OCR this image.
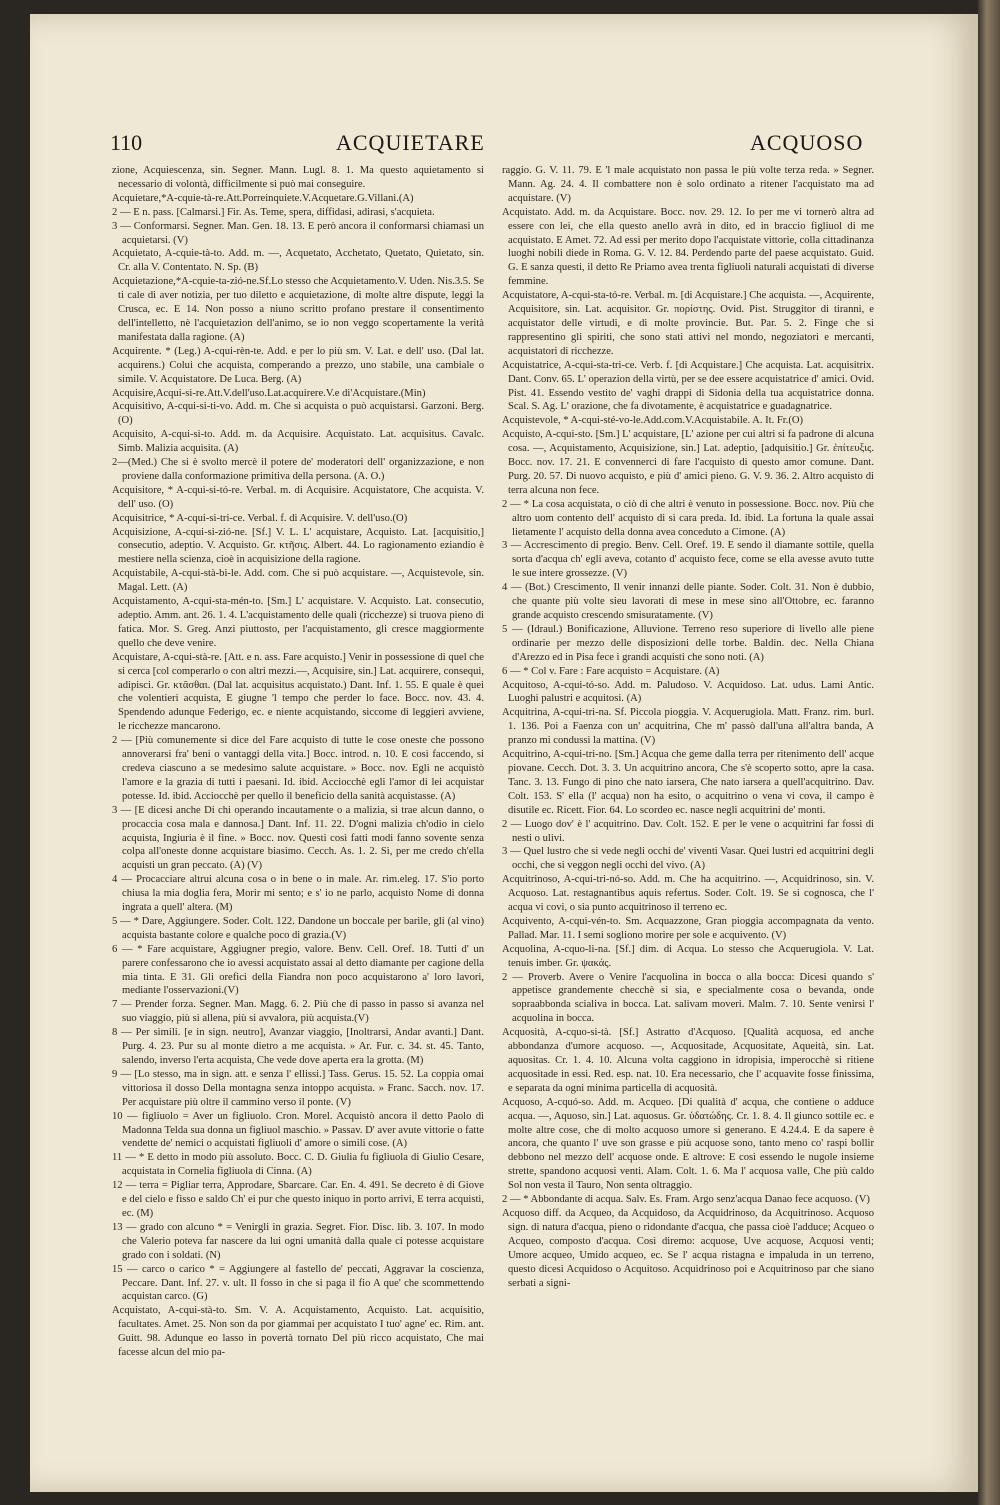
110	ACQUIETARE	ACQUOSO

zione, Acquiescenza, sin. Segner. Mann. Lugl. 8. 1. Ma questo aquietamento si necessario di volontà, difficilmente si può mai conseguire.

Acquietare,*A-cquie-tà-re.Att.Porreinquiete.V.Acquetare.G.Villani.(A)

2 — E n. pass. [Calmarsi.] Fir. As. Teme, spera, diffidasi, adirasi, s'acquieta.

3 — Conformarsi. Segner. Man. Gen. 18. 13. E però ancora il conformarsi chiamasi un acquietarsi. (V)

Acquietato, A-cquie-tà-to. Add. m. —, Acquetato, Acchetato, Quetato, Quietato, sin. Cr. alla V. Contentato. N. Sp. (B)

Acquietazione,*A-cquie-ta-zió-ne.Sf.Lo stesso che Acquietamento.V. Uden. Nis.3.5. Se ti cale di aver notizia, per tuo diletto e acquietazione, di molte altre dispute, leggi la Crusca, ec. E 14. Non posso a niuno scritto profano prestare il consentimento dell'intelletto, nè l'acquietazion dell'animo, se io non veggo scopertamente la verità manifestata dalla ragione. (A)

Acquirente. * (Leg.) A-cqui-rèn-te. Add. e per lo più sm. V. Lat. e dell' uso. (Dal lat. acquirens.) Colui che acquista, comperando a prezzo, uno stabile, una cambiale o simile. V. Acquistatore. De Luca. Berg. (A)

Acquisire,Acqui-si-re.Att.V.dell'uso.Lat.acquirere.V.e di'Acquistare.(Min)

Acquisitivo, A-cqui-si-ti-vo. Add. m. Che si acquista o può acquistarsi. Garzoni. Berg. (O)

Acquisito, A-cqui-si-to. Add. m. da Acquisire. Acquistato. Lat. acquisitus. Cavalc. Simb. Malizia acquisita. (A)

2—(Med.) Che si è svolto mercè il potere de' moderatori dell' organizzazione, e non proviene dalla conformazione primitiva della persona. (A. O.)

Acquisitore, * A-cqui-si-tó-re. Verbal. m. di Acquisire. Acquistatore, Che acquista. V. dell' uso. (O)

Acquisitrice, * A-cqui-si-tri-ce. Verbal. f. di Acquisire. V. dell'uso.(O)

Acquisizione, A-cqui-si-zió-ne. [Sf.] V. L. L' acquistare, Acquisto. Lat. [acquisitio,] consecutio, adeptio. V. Acquisto. Gr. κτῆσις. Albert. 44. Lo ragionamento eziandio è mestiere nella scienza, cioè in acquisizione della ragione.

Acquistabile, A-cqui-stà-bi-le. Add. com. Che si può acquistare. —, Acquistevole, sin. Magal. Lett. (A)

Acquistamento, A-cqui-sta-mén-to. [Sm.] L' acquistare. V. Acquisto. Lat. consecutio, adeptio. Amm. ant. 26. 1. 4. L'acquistamento delle quali (ricchezze) si truova pieno di fatica. Mor. S. Greg. Anzi piuttosto, per l'acquistamento, gli cresce maggiormente quello che deve venire.

Acquistare, A-cqui-stà-re. [Att. e n. ass. Fare acquisto.] Venir in possessione di quel che si cerca [col comperarlo o con altri mezzi.—, Acquisire, sin.] Lat. acquirere, consequi, adipisci. Gr. κτᾶσθαι. (Dal lat. acquisitus acquistato.) Dant. Inf. 1. 55. E quale è quei che volentieri acquista, E giugne 'l tempo che perder lo face. Bocc. nov. 43. 4. Spendendo adunque Federigo, ec. e niente acquistando, siccome di leggieri avviene, le ricchezze mancarono.

2 — [Più comunemente si dice del Fare acquisto di tutte le cose oneste che possono annoverarsi fra' beni o vantaggi della vita.] Bocc. introd. n. 10. E così faccendo, si credeva ciascuno a se medesimo salute acquistare. » Bocc. nov. Egli ne acquistò l'amore e la grazia di tutti i paesani. Id. ibid. Acciocchè egli l'amor di lei acquistar potesse. Id. ibid. Acciocchè per quello il beneficio della sanità acquistasse. (A)

3 — [E dicesi anche Di chi operando incautamente o a malizia, si trae alcun danno, o procaccia cosa mala e dannosa.] Dant. Inf. 11. 22. D'ogni malizia ch'odio in cielo acquista, Ingiuria è il fine. » Bocc. nov. Questi così fatti modi fanno sovente senza colpa all'oneste donne acquistare biasimo. Cecch. As. 1. 2. Sì, per me credo ch'ella acquisti un gran peccato. (A) (V)

4 — Procacciare altrui alcuna cosa o in bene o in male. Ar. rim.eleg. 17. S'io porto chiusa la mia doglia fera, Morir mi sento; e s' io ne parlo, acquisto Nome di donna ingrata a quell' altera. (M)

5 — * Dare, Aggiungere. Soder. Colt. 122. Dandone un boccale per barile, gli (al vino) acquista bastante colore e qualche poco di grazia.(V)

6 — * Fare acquistare, Aggiugner pregio, valore. Benv. Cell. Oref. 18. Tutti d' un parere confessarono che io avessi acquistato assai al detto diamante per cagione della mia tinta. E 31. Gli orefici della Fiandra non poco acquistarono a' loro lavori, mediante l'osservazioni.(V)

7 — Prender forza. Segner. Man. Magg. 6. 2. Più che di passo in passo si avanza nel suo viaggio, più si allena, più si avvalora, più acquista.(V)

8 — Per simili. [e in sign. neutro], Avanzar viaggio, [Inoltrarsi, Andar avanti.] Dant. Purg. 4. 23. Pur su al monte dietro a me acquista. » Ar. Fur. c. 34. st. 45. Tanto, salendo, inverso l'erta acquista, Che vede dove aperta era la grotta. (M)

9 — [Lo stesso, ma in sign. att. e senza l' ellissi.] Tass. Gerus. 15. 52. La coppia omai vittoriosa il dosso Della montagna senza intoppo acquista. » Franc. Sacch. nov. 17. Per acquistare più oltre il cammino verso il ponte. (V)

10 — figliuolo = Aver un figliuolo. Cron. Morel. Acquistò ancora il detto Paolo di Madonna Telda sua donna un figliuol maschio. » Passav. D' aver avute vittorie o fatte vendette de' nemici o acquistati figliuoli d' amore o simili cose. (A)

11 — * E detto in modo più assoluto. Bocc. C. D. Giulia fu figliuola di Giulio Cesare, acquistata in Cornelia figliuola di Cinna. (A)

12 — terra = Pigliar terra, Approdare, Sbarcare. Car. En. 4. 491. Se decreto è di Giove e del cielo e fisso e saldo Ch' ei pur che questo iniquo in porto arrivi, E terra acquisti, ec. (M)

13 — grado con alcuno * = Venirgli in grazia. Segret. Fior. Disc. lib. 3. 107. In modo che Valerio poteva far nascere da lui ogni umanità dalla quale ci potesse acquistare grado con i soldati. (N)

15 — carco o carico * = Aggiungere al fastello de' peccati, Aggravar la coscienza, Peccare. Dant. Inf. 27. v. ult. Il fosso in che si paga il fio A que' che scommettendo acquistan carco. (G)

Acquistato, A-cqui-stà-to. Sm. V. A. Acquistamento, Acquisto. Lat. acquisitio, facultates. Amet. 25. Non son da por giammai per acquistato I tuo' agne' ec. Rim. ant. Guitt. 98. Adunque eo lasso in povertà tornato Del più ricco acquistato, Che mai facesse alcun del mio pa-

raggio. G. V. 11. 79. E 'l male acquistato non passa le più volte terza reda. » Segner. Mann. Ag. 24. 4. Il combattere non è solo ordinato a ritener l'acquistato ma ad acquistare. (V)

Acquistato. Add. m. da Acquistare. Bocc. nov. 29. 12. Io per me vi tornerò altra ad essere con lei, che ella questo anello avrà in dito, ed in braccio figliuol di me acquistato. E Amet. 72. Ad essi per merito dopo l'acquistate vittorie, colla cittadinanza luoghi nobili diede in Roma. G. V. 12. 84. Perdendo parte del paese acquistato. Guid. G. E sanza questi, il detto Re Priamo avea trenta figliuoli naturali acquistati di diverse femmine.

Acquistatore, A-cqui-sta-tó-re. Verbal. m. [di Acquistare.] Che acquista. —, Acquirente, Acquisitore, sin. Lat. acquisitor. Gr. πορίστης. Ovid. Pist. Struggitor di tiranni, e acquistator delle virtudi, e di molte provincie. But. Par. 5. 2. Finge che si rappresentino gli spiriti, che sono stati attivi nel mondo, negoziatori e mercanti, acquistatori di ricchezze.

Acquistatrice, A-cqui-sta-tri-ce. Verb. f. [di Acquistare.] Che acquista. Lat. acquisitrix. Dant. Conv. 65. L' operazion della virtù, per se dee essere acquistatrice d' amici. Ovid. Pist. 41. Essendo vestito de' vaghi drappi di Sidonia della tua acquistatrice donna. Scal. S. Ag. L' orazione, che fa divotamente, è acquistatrice e guadagnatrice.

Acquistevole, * A-cqui-sté-vo-le.Add.com.V.Acquistabile. A. It. Fr.(O)

Acquisto, A-cqui-sto. [Sm.] L' acquistare, [L' azione per cui altri si fa padrone di alcuna cosa. —, Acquistamento, Acquisizione, sin.] Lat. adeptio, [adquisitio.] Gr. ἐπίτευξις. Bocc. nov. 17. 21. E convennerci di fare l'acquisto di questo amor comune. Dant. Purg. 20. 57. Di nuovo acquisto, e più d' amici pieno. G. V. 9. 36. 2. Altro acquisto di terra alcuna non fece.

2 — * La cosa acquistata, o ciò di che altri è venuto in possessione. Bocc. nov. Più che altro uom contento dell' acquisto di sì cara preda. Id. ibid. La fortuna la quale assai lietamente l' acquisto della donna avea conceduto a Cimone. (A)

3 — Accrescimento di pregio. Benv. Cell. Oref. 19. E sendo il diamante sottile, quella sorta d'acqua ch' egli aveva, cotanto d' acquisto fece, come se ella avesse avuto tutte le sue intere grossezze. (V)

4 — (Bot.) Crescimento, Il venir innanzi delle piante. Soder. Colt. 31. Non è dubbio, che quante più volte sieu lavorati di mese in mese sino all'Ottobre, ec. faranno grande acquisto crescendo smisuratamente. (V)

5 — (Idraul.) Bonificazione, Alluvione. Terreno reso superiore di livello alle piene ordinarie per mezzo delle disposizioni delle torbe. Baldin. dec. Nella Chiana d'Arezzo ed in Pisa fece i grandi acquisti che sono noti. (A)

6 — * Col v. Fare : Fare acquisto = Acquistare. (A)

Acquitoso, A-cqui-tó-so. Add. m. Paludoso. V. Acquidoso. Lat. udus. Lami Antic. Luoghi palustri e acquitosi. (A)

Acquitrina, A-cqui-tri-na. Sf. Piccola pioggia. V. Acquerugiola. Matt. Franz. rim. burl. 1. 136. Poi a Faenza con un' acquitrina, Che m' passò dall'una all'altra banda, A pranzo mi condussi la mattina. (V)

Acquitrino, A-cqui-tri-no. [Sm.] Acqua che geme dalla terra per ritenimento dell' acque piovane. Cecch. Dot. 3. 3. Un acquitrino ancora, Che s'è scoperto sotto, apre la casa. Tanc. 3. 13. Fungo di pino che nato iarsera, Che nato iarsera a quell'acquitrino. Dav. Colt. 153. S' ella (l' acqua) non ha esito, o acquitrino o vena vi cova, il campo è disutile ec. Ricett. Fior. 64. Lo scordeo ec. nasce negli acquitrini de' monti.

2 — Luogo dov' è l' acquitrino. Dav. Colt. 152. E per le vene o acquitrini far fossi di nesti o ulivi.

3 — Quel lustro che si vede negli occhi de' viventi Vasar. Quei lustri ed acquitrini degli occhi, che si veggon negli occhi del vivo. (A)

Acquitrinoso, A-cqui-tri-nó-so. Add. m. Che ha acquitrino. —, Acquidrinoso, sin. V. Acquoso. Lat. restagnantibus aquis refertus. Soder. Colt. 19. Se si cognosca, che l' acqua vi covi, o sia punto acquitrinoso il terreno ec.

Acquivento, A-cqui-vén-to. Sm. Acquazzone, Gran pioggia accompagnata da vento. Pallad. Mar. 11. I semi sogliono morire per sole e acquivento. (V)

Acquolina, A-cquo-li-na. [Sf.] dim. di Acqua. Lo stesso che Acquerugiola. V. Lat. tenuis imber. Gr. ψακάς.

2 — Proverb. Avere o Venire l'acquolina in bocca o alla bocca: Dicesi quando s' appetisce grandemente checchè si sia, e specialmente cosa o bevanda, onde sopraabbonda scialiva in bocca. Lat. salivam moveri. Malm. 7. 10. Sente venirsi l' acquolina in bocca.

Acquosità, A-cquo-si-tà. [Sf.] Astratto d'Acquoso. [Qualità acquosa, ed anche abbondanza d'umore acquoso. —, Acquositade, Acquositate, Aqueità, sin. Lat. aquositas. Cr. 1. 4. 10. Alcuna volta caggiono in idropisia, imperocchè si ritiene acquositade in essi. Red. esp. nat. 10. Era necessario, che l' acquavite fosse finissima, e separata da ogni minima particella di acquosità.

Acquoso, A-cquó-so. Add. m. Acqueo. [Di qualità d' acqua, che contiene o adduce acqua. —, Aquoso, sin.] Lat. aquosus. Gr. ὑδατώδης. Cr. 1. 8. 4. Il giunco sottile ec. e molte altre cose, che di molto acquoso umore si generano. E 4.24.4. E da sapere è ancora, che quanto l' uve son grasse e più acquose sono, tanto meno co' raspi bollir debbono nel mezzo dell' acquose onde. E altrove: E così essendo le nugole insieme strette, spandono acquosi venti. Alam. Colt. 1. 6. Ma l' acquosa valle, Che più caldo Sol non vesta il Tauro, Non senta oltraggio.

2 — * Abbondante di acqua. Salv. Es. Fram. Argo senz'acqua Danao fece acquoso. (V)

Acquoso diff. da Acqueo, da Acquidoso, da Acquidrinoso, da Acquitrinoso. Acquoso sign. di natura d'acqua, pieno o ridondante d'acqua, che passa cioè l'adduce; Acqueo o Acqueo, composto d'acqua. Così diremo: acquose, Uve acquose, Acquosi venti; Umore acqueo, Umido acqueo, ec. Se l' acqua ristagna e impaluda in un terreno, questo dicesi Acquidoso o Acquitoso. Acquidrinoso poi e Acquitrinoso par che siano serbati a signi-
